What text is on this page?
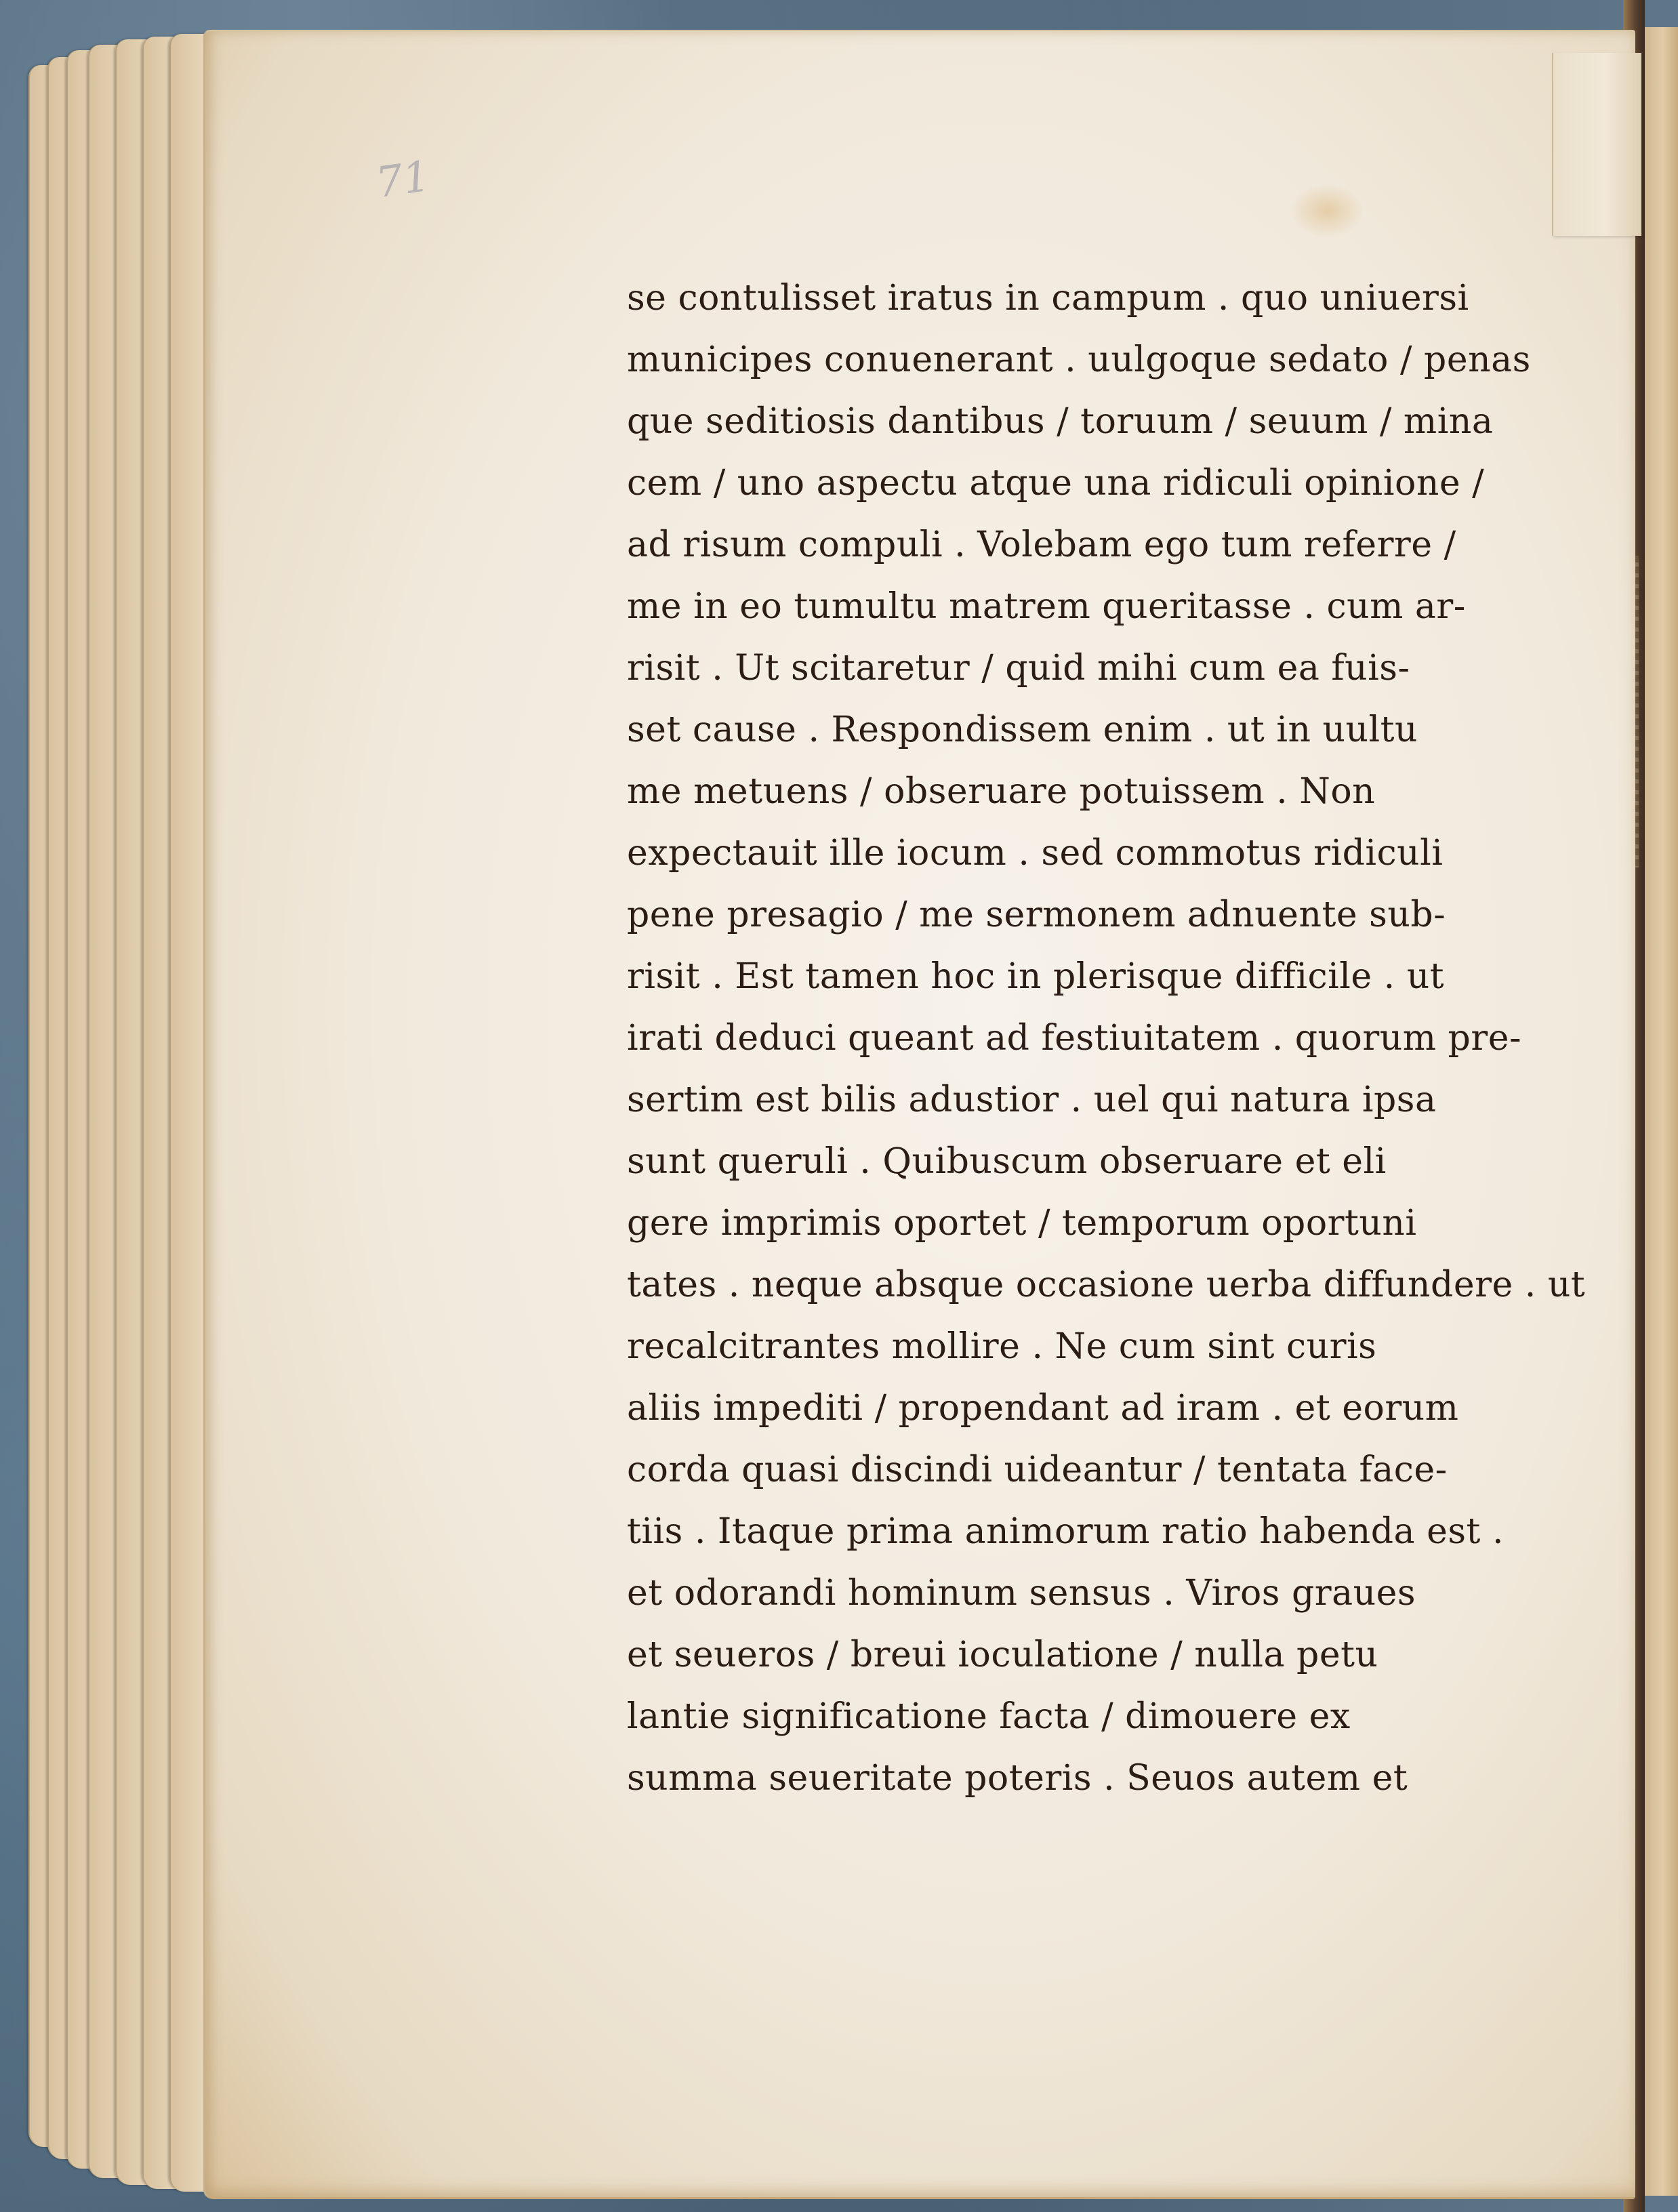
71
se contulisset iratus in campum . quo uniuersi
municipes conuenerant . uulgoque sedato / penas
que seditiosis dantibus / toruum / seuum / mina
cem / uno aspectu atque una ridiculi opinione /
ad risum compuli . Volebam ego tum referre /
me in eo tumultu matrem queritasse . cum ar-
risit . Ut scitaretur / quid mihi cum ea fuis-
set cause . Respondissem enim . ut in uultu
me metuens / obseruare potuissem . Non
expectauit ille iocum . sed commotus ridiculi
pene presagio / me sermonem adnuente sub-
risit . Est tamen hoc in plerisque difficile . ut
irati deduci queant ad festiuitatem . quorum pre-
sertim est bilis adustior . uel qui natura ipsa
sunt queruli . Quibuscum obseruare et eli
gere imprimis oportet / temporum oportuni
tates . neque absque occasione uerba diffundere . ut
recalcitrantes mollire . Ne cum sint curis
aliis impediti / propendant ad iram . et eorum
corda quasi discindi uideantur / tentata face-
tiis . Itaque prima animorum ratio habenda est .
et odorandi hominum sensus . Viros graues
et seueros / breui ioculatione / nulla petu
lantie significatione facta / dimouere ex
summa seueritate poteris . Seuos autem et
